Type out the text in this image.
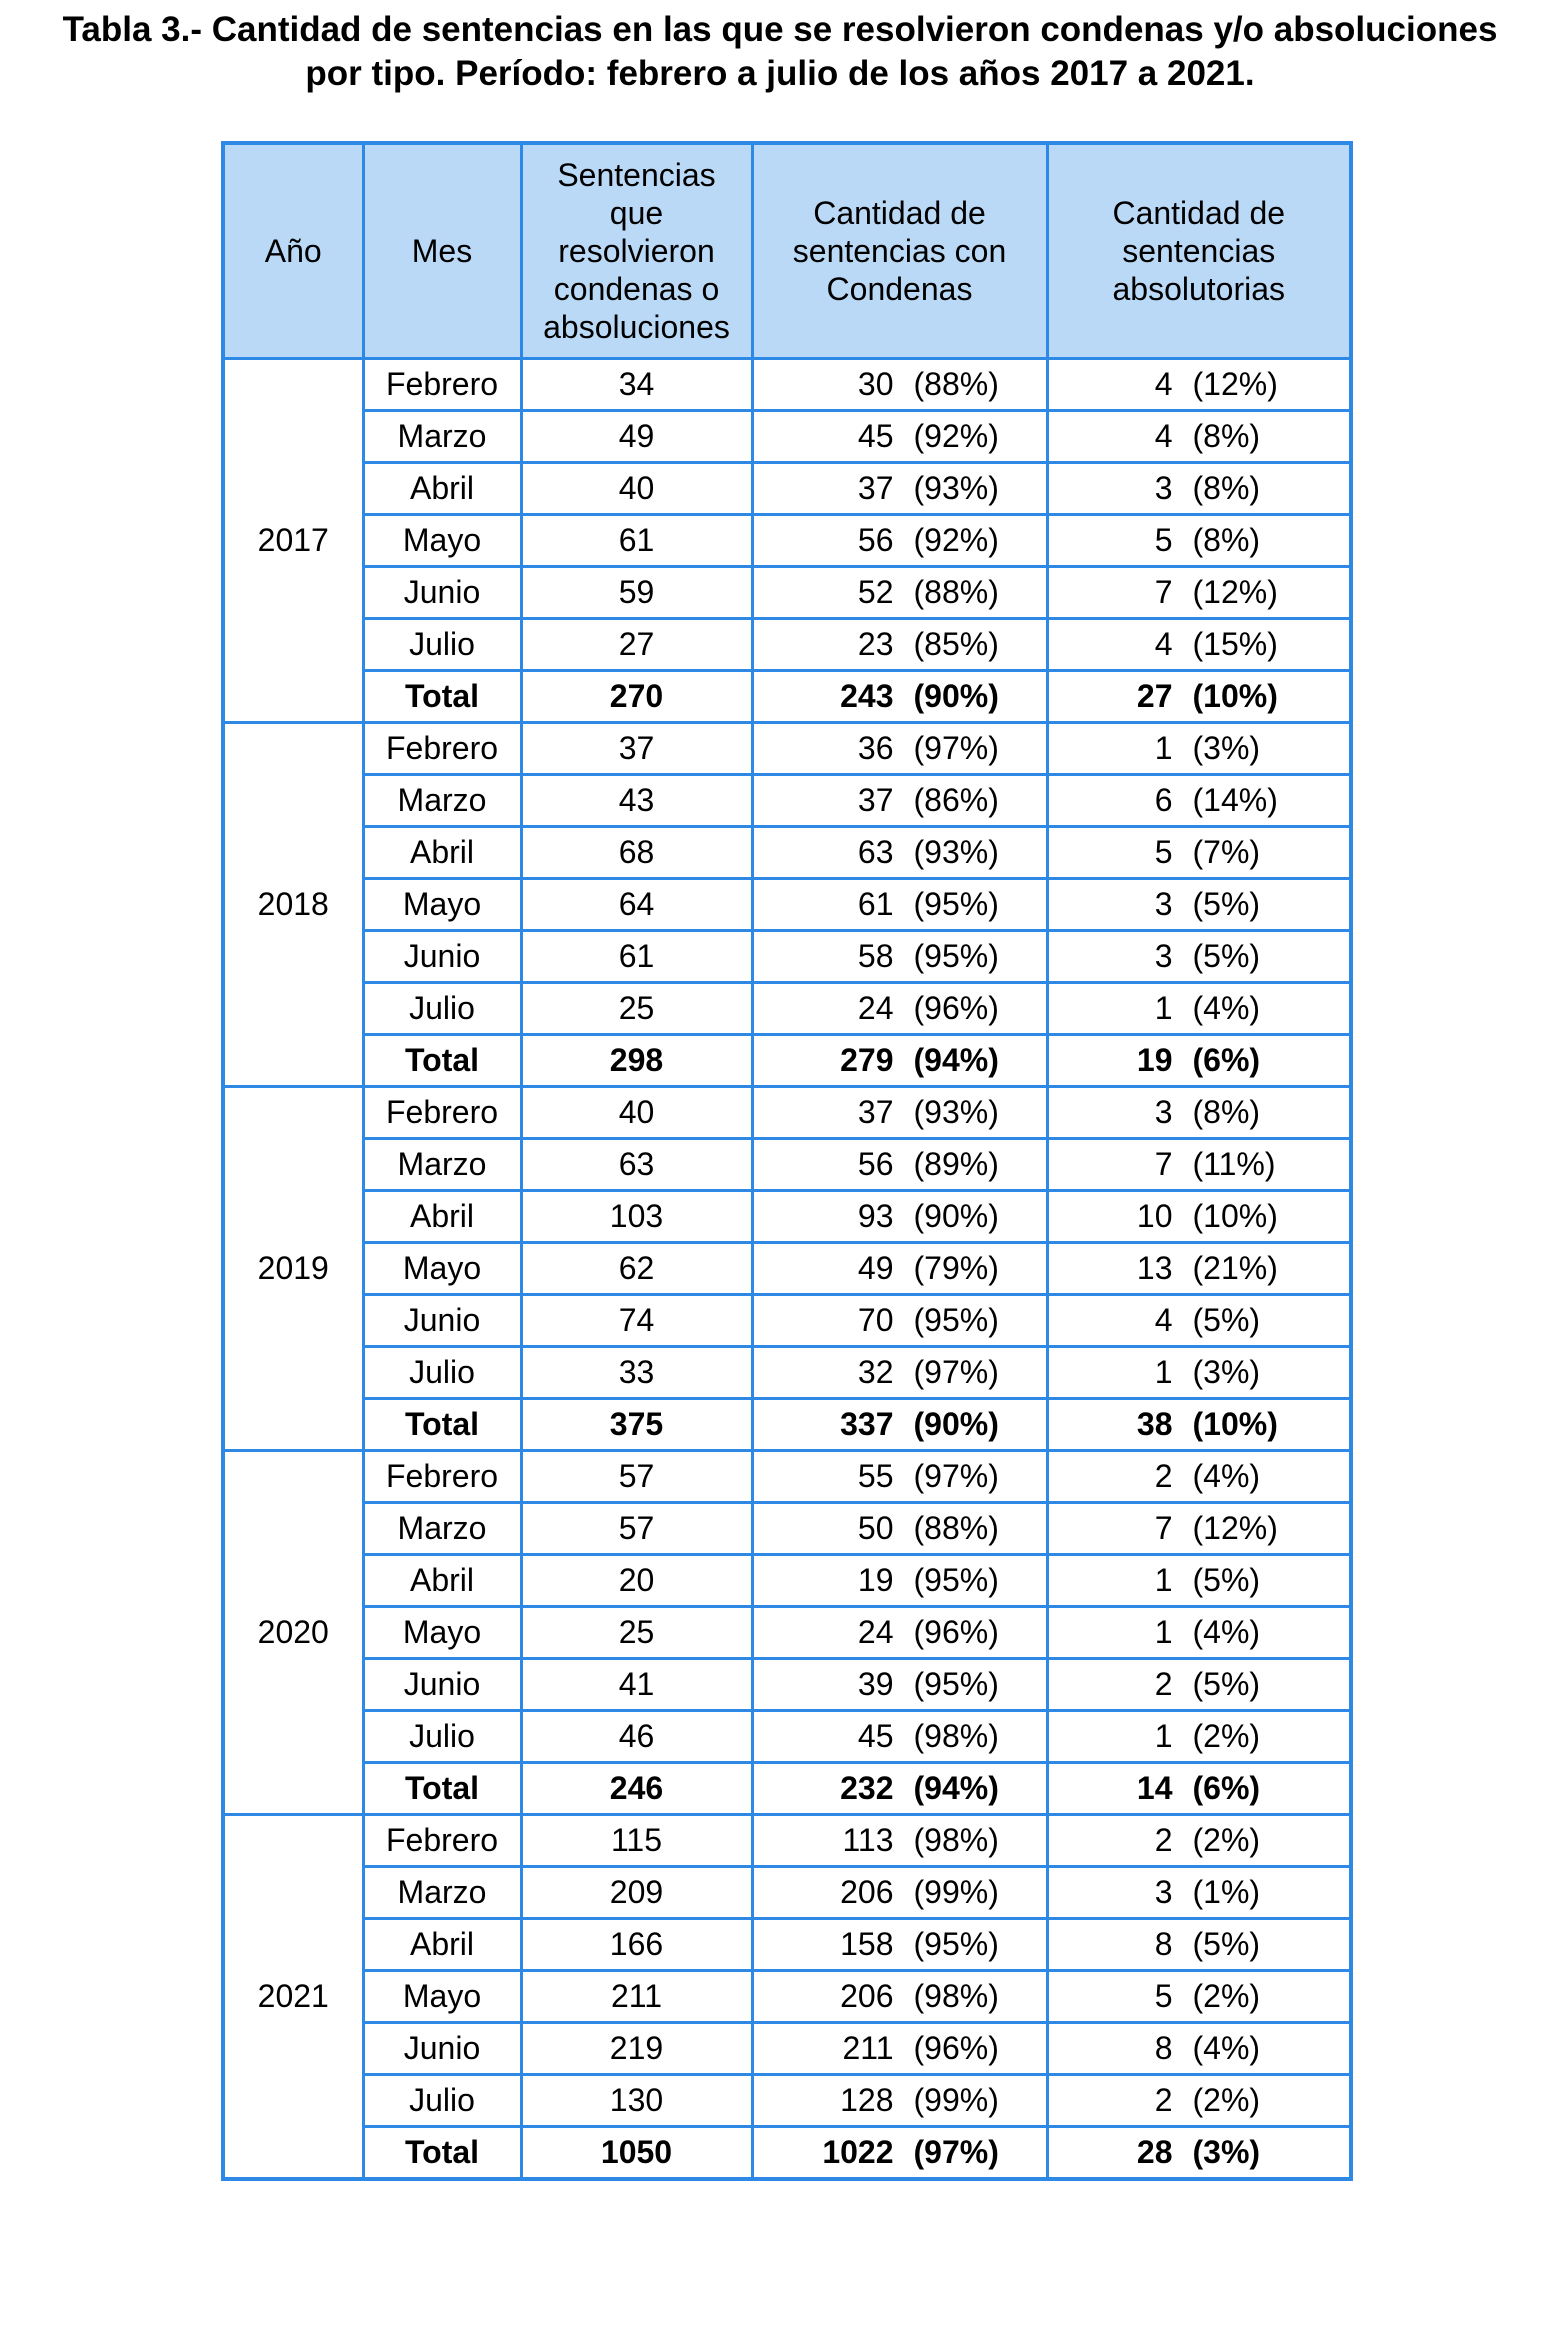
Tabla 3.- Cantidad de sentencias en las que se resolvieron condenas y/o absoluciones
por tipo. Período: febrero a julio de los años 2017 a 2021.
Año	Mes	Sentencias que resolvieron condenas o absoluciones	Cantidad de sentencias con Condenas	Cantidad de sentencias absolutorias
2017	Febrero	34	30 (88%)	4 (12%)
	Marzo	49	45 (92%)	4 (8%)
	Abril	40	37 (93%)	3 (8%)
	Mayo	61	56 (92%)	5 (8%)
	Junio	59	52 (88%)	7 (12%)
	Julio	27	23 (85%)	4 (15%)
	Total	270	243 (90%)	27 (10%)
2018	Febrero	37	36 (97%)	1 (3%)
	Marzo	43	37 (86%)	6 (14%)
	Abril	68	63 (93%)	5 (7%)
	Mayo	64	61 (95%)	3 (5%)
	Junio	61	58 (95%)	3 (5%)
	Julio	25	24 (96%)	1 (4%)
	Total	298	279 (94%)	19 (6%)
2019	Febrero	40	37 (93%)	3 (8%)
	Marzo	63	56 (89%)	7 (11%)
	Abril	103	93 (90%)	10 (10%)
	Mayo	62	49 (79%)	13 (21%)
	Junio	74	70 (95%)	4 (5%)
	Julio	33	32 (97%)	1 (3%)
	Total	375	337 (90%)	38 (10%)
2020	Febrero	57	55 (97%)	2 (4%)
	Marzo	57	50 (88%)	7 (12%)
	Abril	20	19 (95%)	1 (5%)
	Mayo	25	24 (96%)	1 (4%)
	Junio	41	39 (95%)	2 (5%)
	Julio	46	45 (98%)	1 (2%)
	Total	246	232 (94%)	14 (6%)
2021	Febrero	115	113 (98%)	2 (2%)
	Marzo	209	206 (99%)	3 (1%)
	Abril	166	158 (95%)	8 (5%)
	Mayo	211	206 (98%)	5 (2%)
	Junio	219	211 (96%)	8 (4%)
	Julio	130	128 (99%)	2 (2%)
	Total	1050	1022 (97%)	28 (3%)
